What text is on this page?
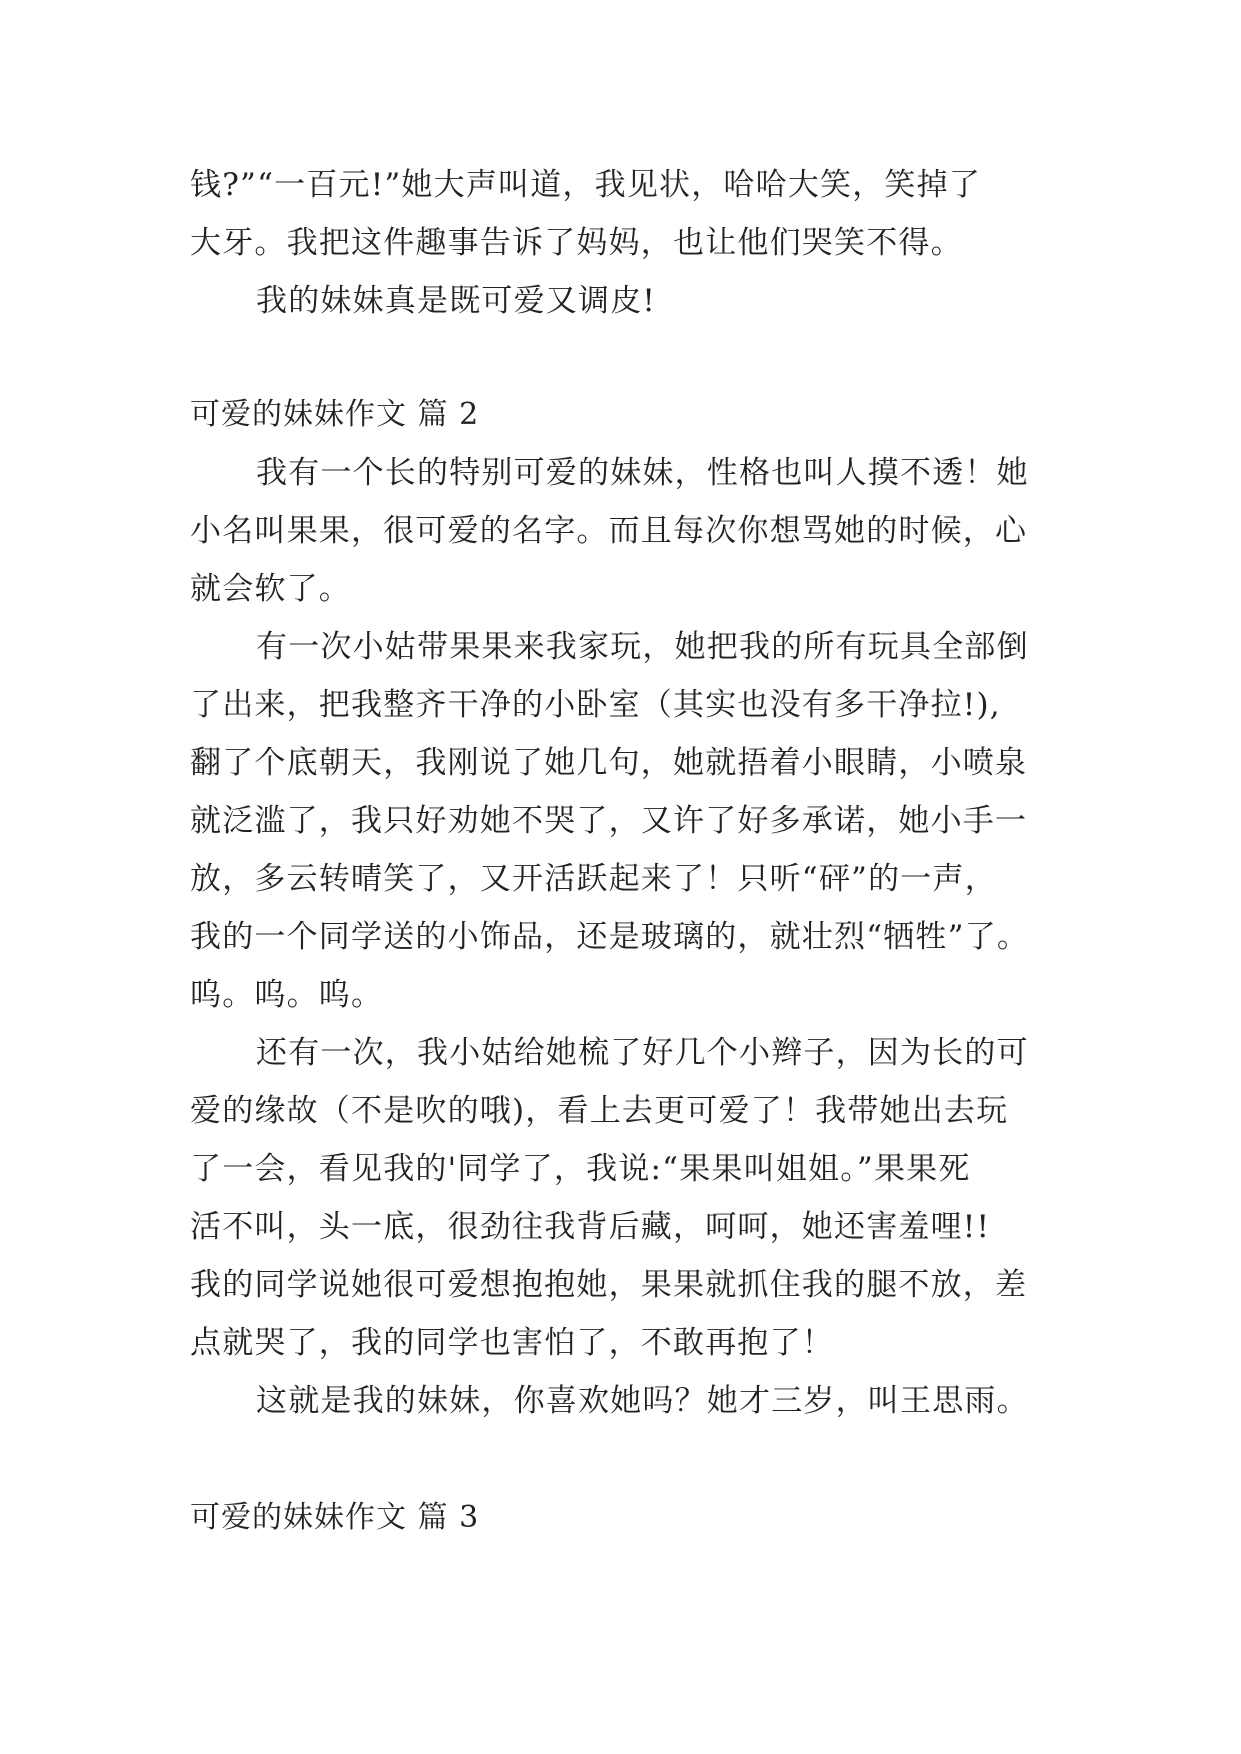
钱?”“一百元!”她大声叫道，我见状，哈哈大笑，笑掉了
大牙。我把这件趣事告诉了妈妈，也让他们哭笑不得。
我的妹妹真是既可爱又调皮!
可爱的妹妹作文 篇 2
我有一个长的特别可爱的妹妹，性格也叫人摸不透！她
小名叫果果，很可爱的名字。而且每次你想骂她的时候，心
就会软了。
有一次小姑带果果来我家玩，她把我的所有玩具全部倒
了出来，把我整齐干净的小卧室（其实也没有多干净拉!),
翻了个底朝天，我刚说了她几句，她就捂着小眼睛，小喷泉
就泛滥了，我只好劝她不哭了，又许了好多承诺，她小手一
放，多云转晴笑了，又开活跃起来了！只听“砰”的一声，
我的一个同学送的小饰品，还是玻璃的，就壮烈“牺牲”了。
呜。呜。呜。
还有一次，我小姑给她梳了好几个小辫子，因为长的可
爱的缘故（不是吹的哦)，看上去更可爱了！我带她出去玩
了一会，看见我的'同学了，我说:“果果叫姐姐。”果果死
活不叫，头一底，很劲往我背后藏，呵呵，她还害羞哩!!
我的同学说她很可爱想抱抱她，果果就抓住我的腿不放，差
点就哭了，我的同学也害怕了，不敢再抱了！
这就是我的妹妹，你喜欢她吗？她才三岁，叫王思雨。
可爱的妹妹作文 篇 3
